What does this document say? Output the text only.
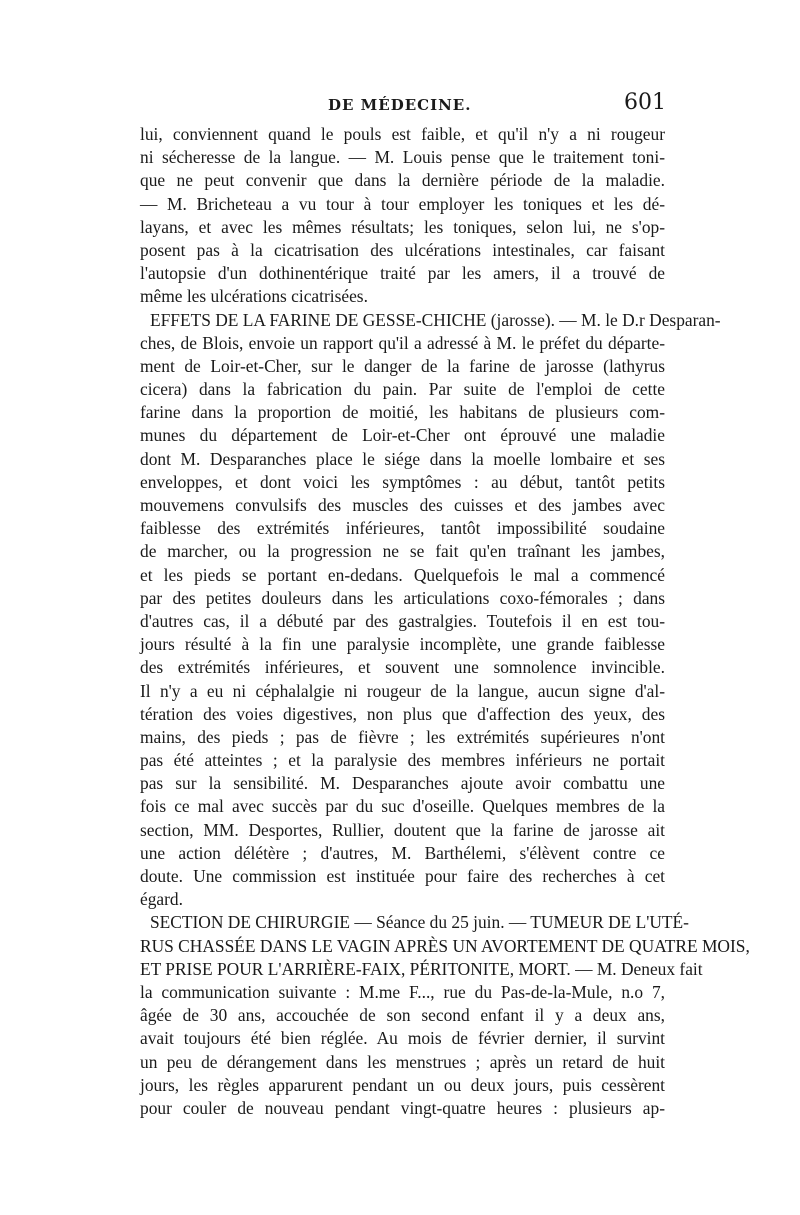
DE MÉDECINE.	601
lui, conviennent quand le pouls est faible, et qu'il n'y a ni rougeur
ni sécheresse de la langue. — M. Louis pense que le traitement toni-
que ne peut convenir que dans la dernière période de la maladie.
— M. Bricheteau a vu tour à tour employer les toniques et les dé-
layans, et avec les mêmes résultats; les toniques, selon lui, ne s'op-
posent pas à la cicatrisation des ulcérations intestinales, car faisant
l'autopsie d'un dothinentérique traité par les amers, il a trouvé de
même les ulcérations cicatrisées.
EFFETS DE LA FARINE DE GESSE-CHICHE (jarosse). — M. le D.r Desparan-
ches, de Blois, envoie un rapport qu'il a adressé à M. le préfet du départe-
ment de Loir-et-Cher, sur le danger de la farine de jarosse (lathyrus
cicera) dans la fabrication du pain. Par suite de l'emploi de cette
farine dans la proportion de moitié, les habitans de plusieurs com-
munes du département de Loir-et-Cher ont éprouvé une maladie
dont M. Desparanches place le siége dans la moelle lombaire et ses
enveloppes, et dont voici les symptômes : au début, tantôt petits
mouvemens convulsifs des muscles des cuisses et des jambes avec
faiblesse des extrémités inférieures, tantôt impossibilité soudaine
de marcher, ou la progression ne se fait qu'en traînant les jambes,
et les pieds se portant en-dedans. Quelquefois le mal a commencé
par des petites douleurs dans les articulations coxo-fémorales ; dans
d'autres cas, il a débuté par des gastralgies. Toutefois il en est tou-
jours résulté à la fin une paralysie incomplète, une grande faiblesse
des extrémités inférieures, et souvent une somnolence invincible.
Il n'y a eu ni céphalalgie ni rougeur de la langue, aucun signe d'al-
tération des voies digestives, non plus que d'affection des yeux, des
mains, des pieds ; pas de fièvre ; les extrémités supérieures n'ont
pas été atteintes ; et la paralysie des membres inférieurs ne portait
pas sur la sensibilité. M. Desparanches ajoute avoir combattu une
fois ce mal avec succès par du suc d'oseille. Quelques membres de la
section, MM. Desportes, Rullier, doutent que la farine de jarosse ait
une action délétère ; d'autres, M. Barthélemi, s'élèvent contre ce
doute. Une commission est instituée pour faire des recherches à cet
égard.
SECTION DE CHIRURGIE — Séance du 25 juin. — TUMEUR DE L'UTÉ-
RUS CHASSÉE DANS LE VAGIN APRÈS UN AVORTEMENT DE QUATRE MOIS,
ET PRISE POUR L'ARRIÈRE-FAIX, PÉRITONITE, MORT. — M. Deneux fait
la communication suivante : M.me F..., rue du Pas-de-la-Mule, n.o 7,
âgée de 30 ans, accouchée de son second enfant il y a deux ans,
avait toujours été bien réglée. Au mois de février dernier, il survint
un peu de dérangement dans les menstrues ; après un retard de huit
jours, les règles apparurent pendant un ou deux jours, puis cessèrent
pour couler de nouveau pendant vingt-quatre heures : plusieurs ap-
